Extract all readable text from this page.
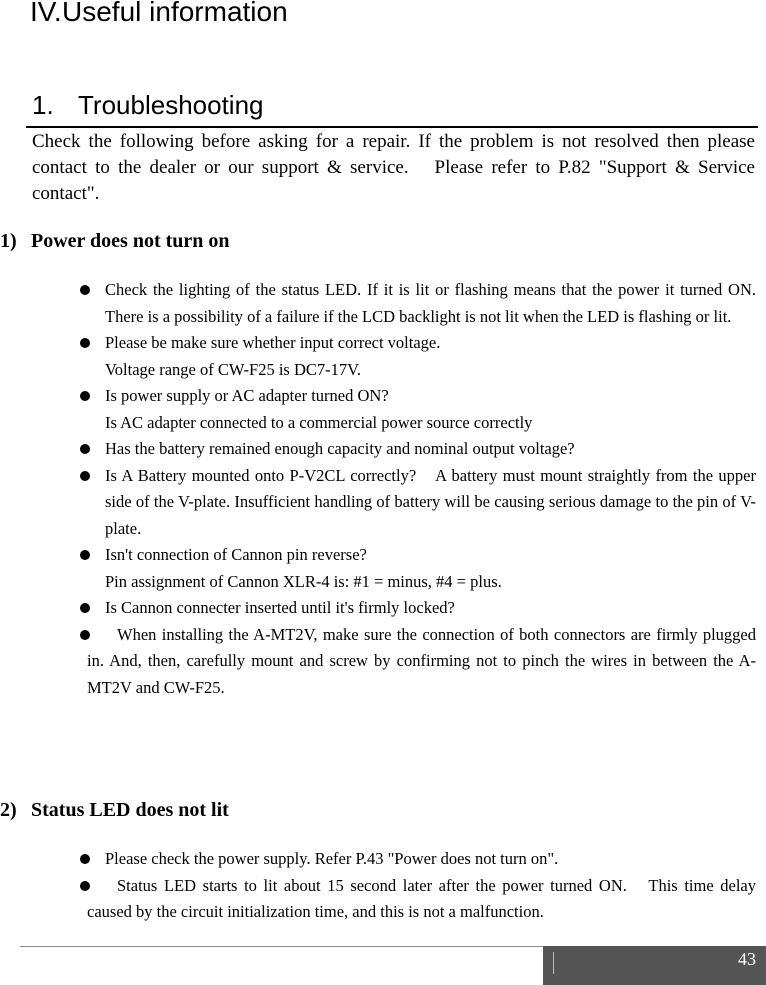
IV.Useful information
1. Troubleshooting

Check the following before asking for a repair. If the problem is not resolved then please contact to the dealer or our support & service.　Please refer to P.82 "Support & Service contact".

1) Power does not turn on
Check the lighting of the status LED. If it is lit or flashing means that the power it turned ON. There is a possibility of a failure if the LCD backlight is not lit when the LED is flashing or lit.
Please be make sure whether input correct voltage.
Voltage range of CW-F25 is DC7-17V.
Is power supply or AC adapter turned ON?
Is AC adapter connected to a commercial power source correctly
Has the battery remained enough capacity and nominal output voltage?
Is A Battery mounted onto P-V2CL correctly?　A battery must mount straightly from the upper side of the V-plate. Insufficient handling of battery will be causing serious damage to the pin of V-plate.
Isn't connection of Cannon pin reverse?
Pin assignment of Cannon XLR-4 is: #1 = minus, #4 = plus.
Is Cannon connecter inserted until it's firmly locked?
When installing the A-MT2V, make sure the connection of both connectors are firmly plugged in. And, then, carefully mount and screw by confirming not to pinch the wires in between the A-MT2V and CW-F25.
2) Status LED does not lit
Please check the power supply. Refer P.43 "Power does not turn on".
Status LED starts to lit about 15 second later after the power turned ON.　This time delay caused by the circuit initialization time, and this is not a malfunction.
43
